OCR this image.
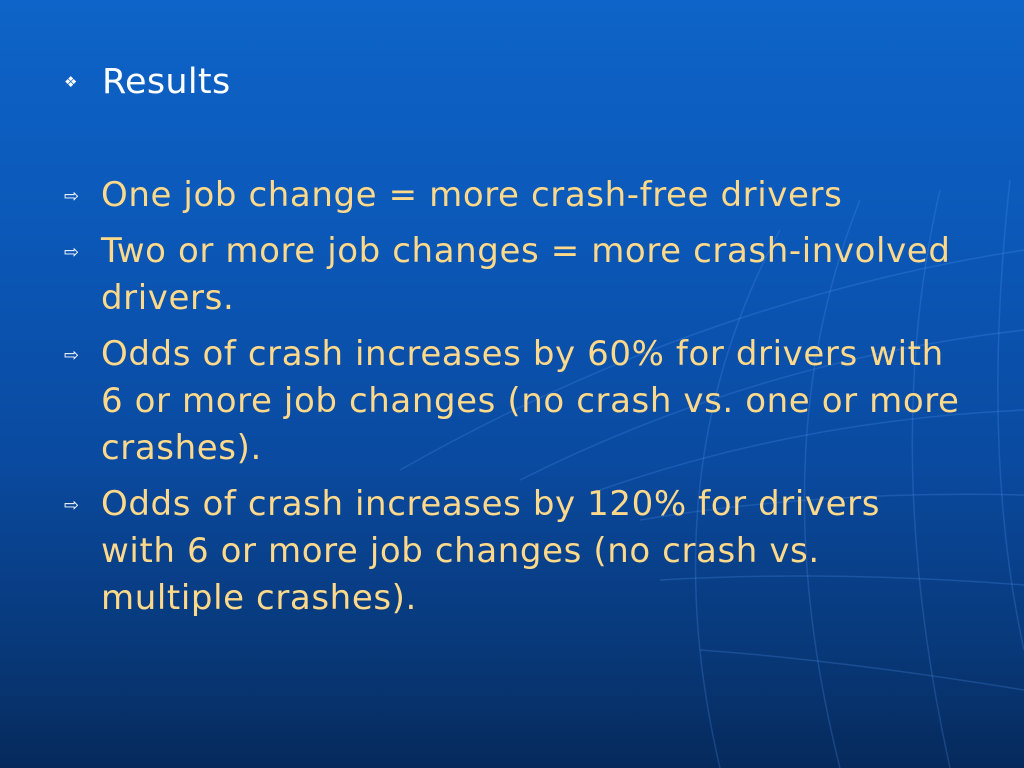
❖ Results
⇨ One job change = more crash-free drivers
⇨ Two or more job changes = more crash-involved drivers.
⇨ Odds of crash increases by 60% for drivers with 6 or more job changes (no crash vs. one or more crashes).
⇨ Odds of crash increases by 120% for drivers with 6 or more job changes (no crash vs. multiple crashes).
